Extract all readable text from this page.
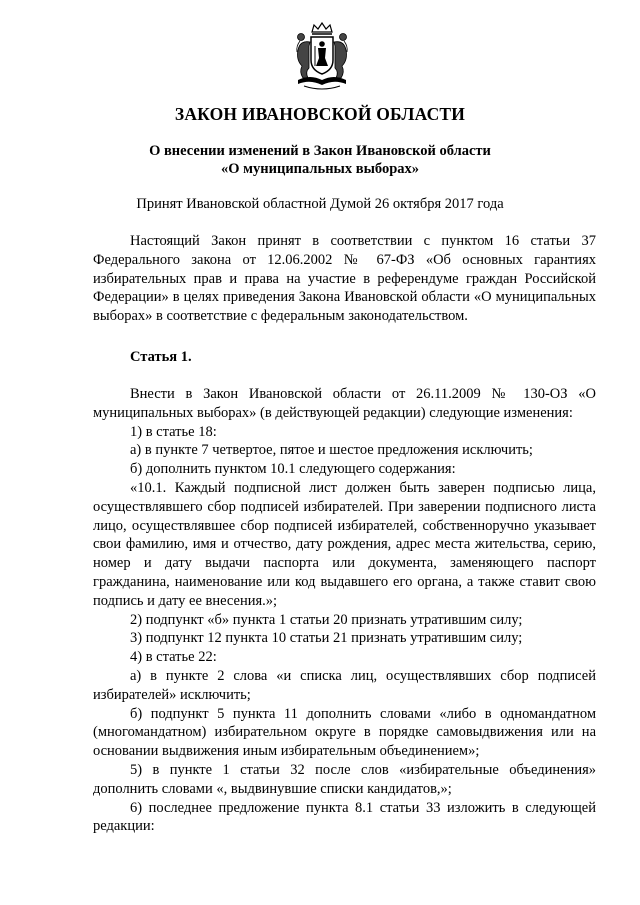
ЗАКОН ИВАНОВСКОЙ ОБЛАСТИ
О внесении изменений в Закон Ивановской области
«О муниципальных выборах»
Принят Ивановской областной Думой 26 октября 2017 года

Настоящий Закон принят в соответствии с пунктом 16 статьи 37 Федерального закона от 12.06.2002 № 67-ФЗ «Об основных гарантиях избирательных прав и права на участие в референдуме граждан Российской Федерации» в целях приведения Закона Ивановской области «О муниципальных выборах» в соответствие с федеральным законодательством.

Статья 1.

Внести в Закон Ивановской области от 26.11.2009 № 130-ОЗ «О муниципальных выборах» (в действующей редакции) следующие изменения:

1) в статье 18:

а) в пункте 7 четвертое, пятое и шестое предложения исключить;

б) дополнить пунктом 10.1 следующего содержания:

«10.1. Каждый подписной лист должен быть заверен подписью лица, осуществлявшего сбор подписей избирателей. При заверении подписного листа лицо, осуществлявшее сбор подписей избирателей, собственноручно указывает свои фамилию, имя и отчество, дату рождения, адрес места жительства, серию, номер и дату выдачи паспорта или документа, заменяющего паспорт гражданина, наименование или код выдавшего его органа, а также ставит свою подпись и дату ее внесения.»;

2) подпункт «б» пункта 1 статьи 20 признать утратившим силу;

3) подпункт 12 пункта 10 статьи 21 признать утратившим силу;

4) в статье 22:

а) в пункте 2 слова «и списка лиц, осуществлявших сбор подписей избирателей» исключить;

б) подпункт 5 пункта 11 дополнить словами «либо в одномандатном (многомандатном) избирательном округе в порядке самовыдвижения или на основании выдвижения иным избирательным объединением»;

5) в пункте 1 статьи 32 после слов «избирательные объединения» дополнить словами «, выдвинувшие списки кандидатов,»;

6) последнее предложение пункта 8.1 статьи 33 изложить в следующей редакции:
